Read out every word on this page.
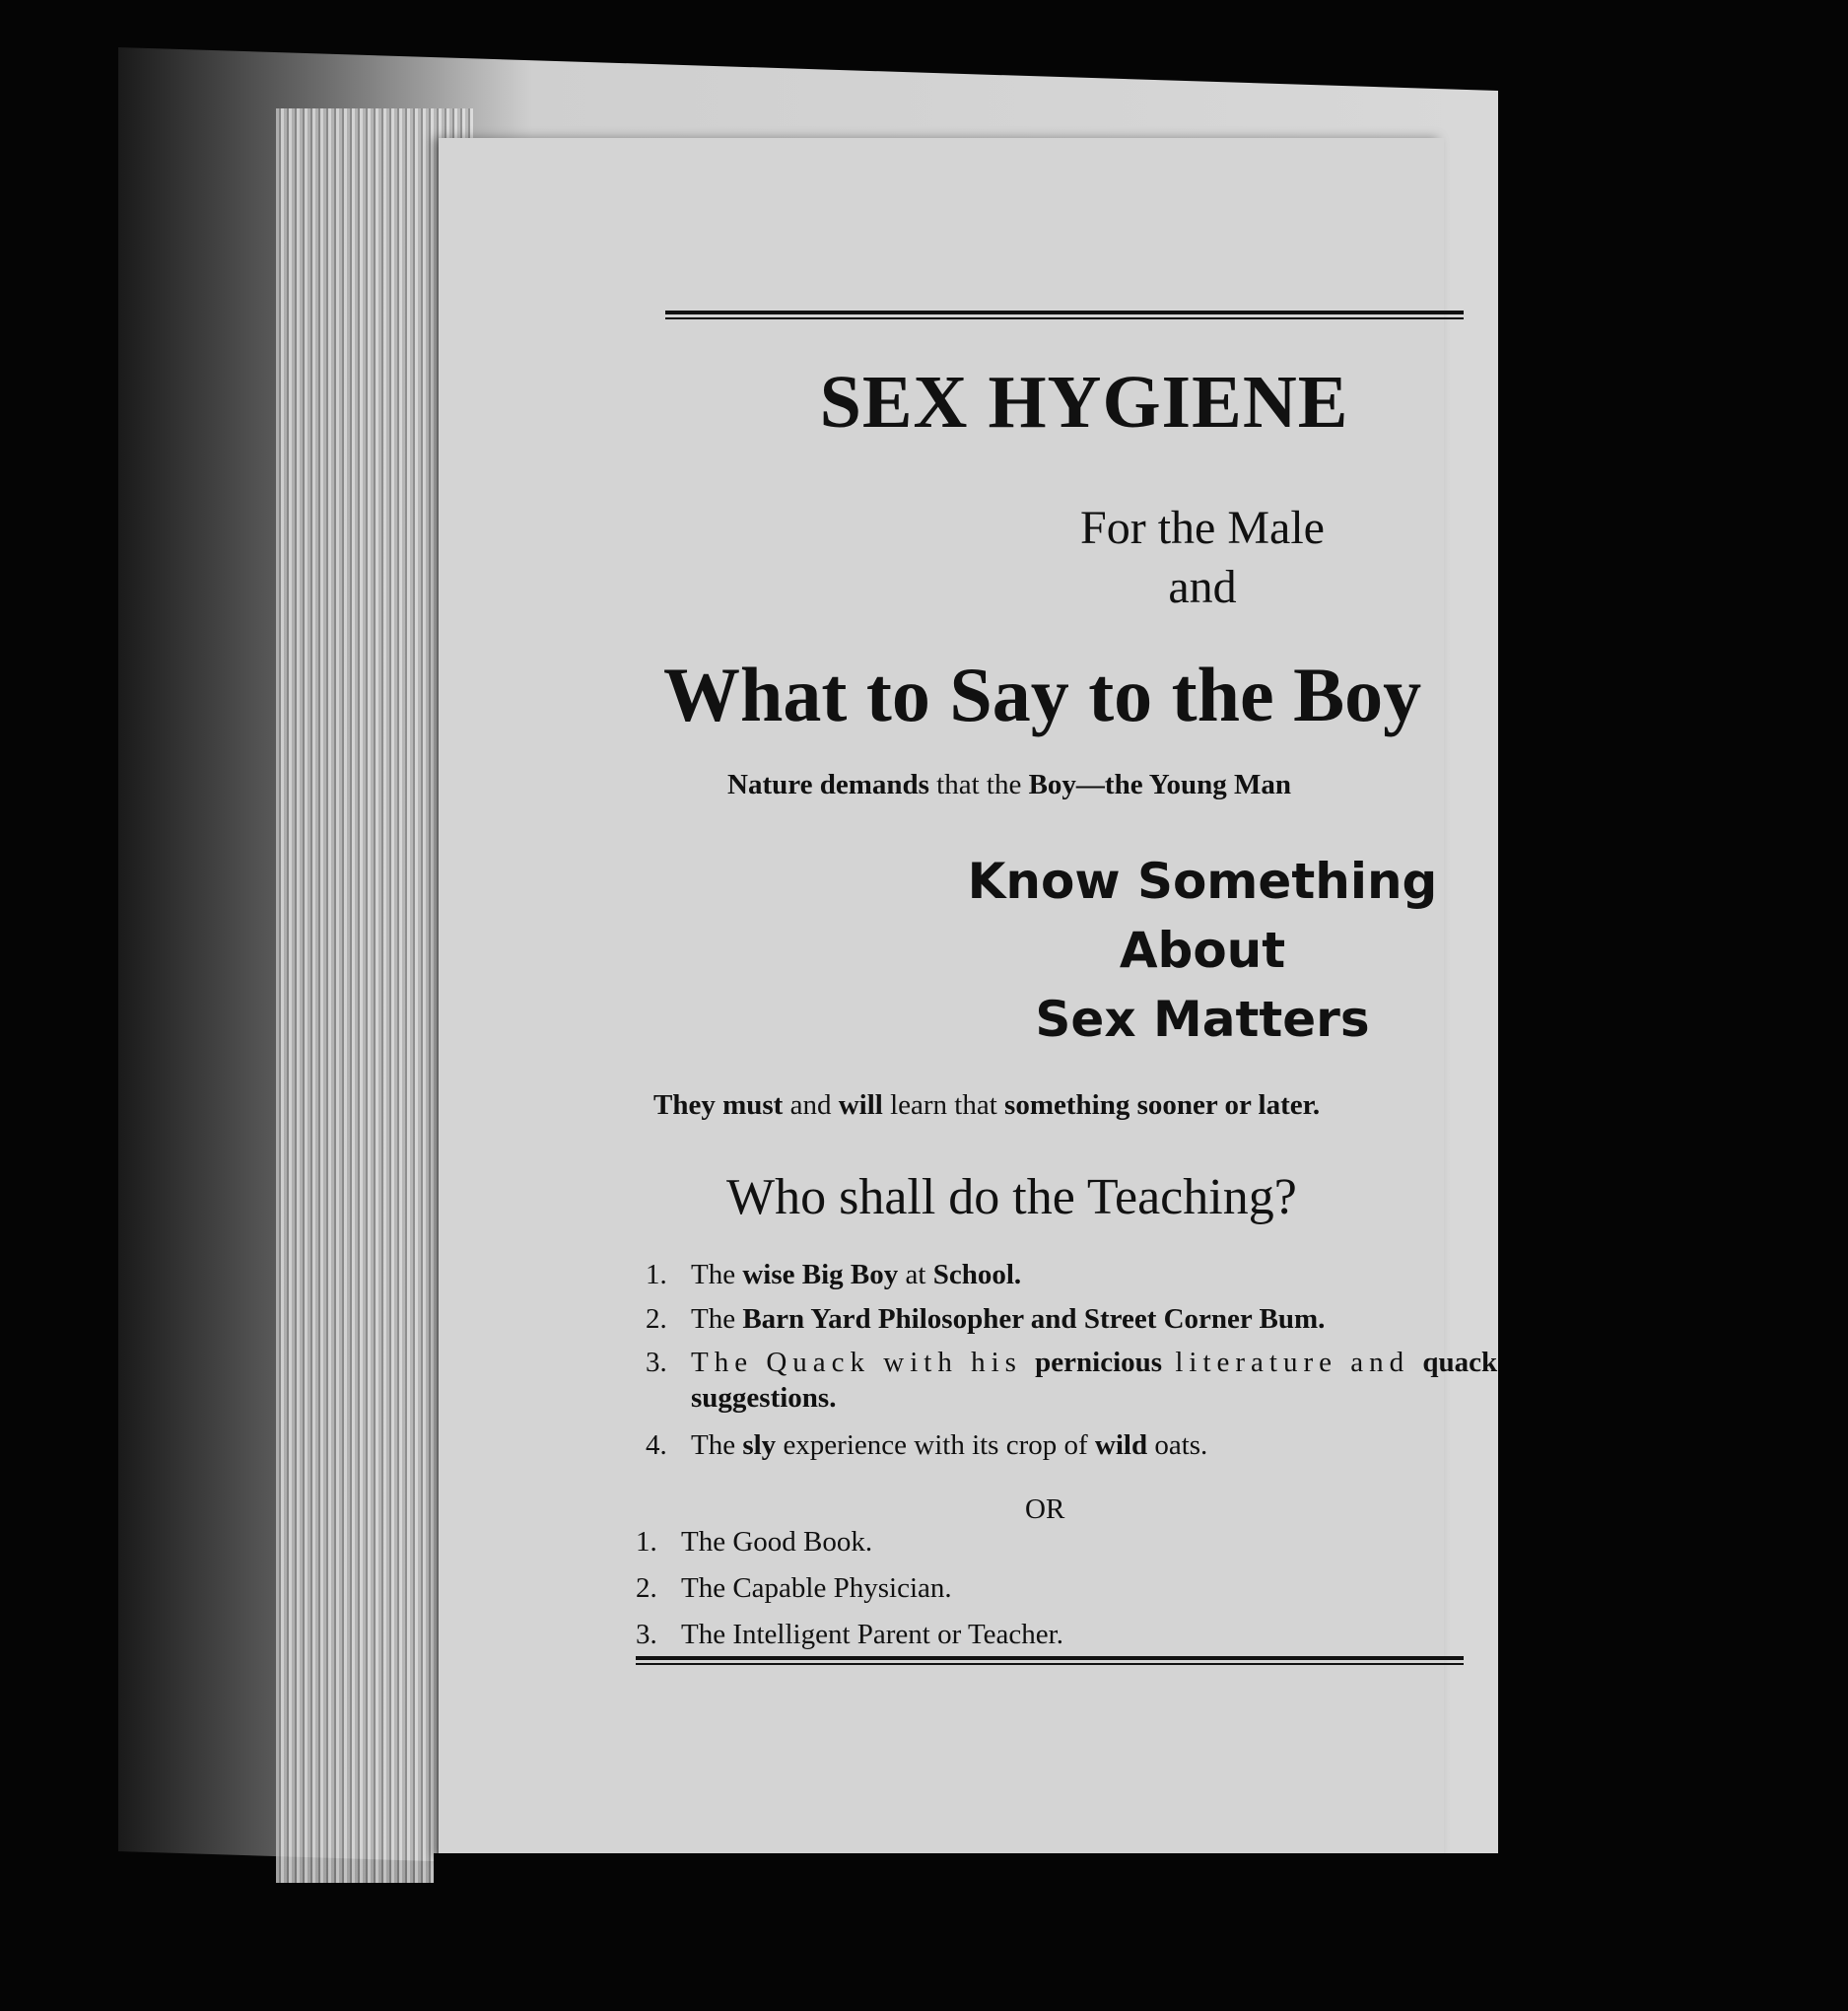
SEX HYGIENE
For the Male
and
What to Say to the Boy
Nature demands that the Boy—the Young Man
Know Something
About
Sex Matters
They must and will learn that something sooner or later.
Who shall do the Teaching?
1. The wise Big Boy at School.
2. The Barn Yard Philosopher and Street Corner Bum.
3. The Quack with his pernicious literature and quack
suggestions.
4. The sly experience with its crop of wild oats.
OR
1. The Good Book.
2. The Capable Physician.
3. The Intelligent Parent or Teacher.
